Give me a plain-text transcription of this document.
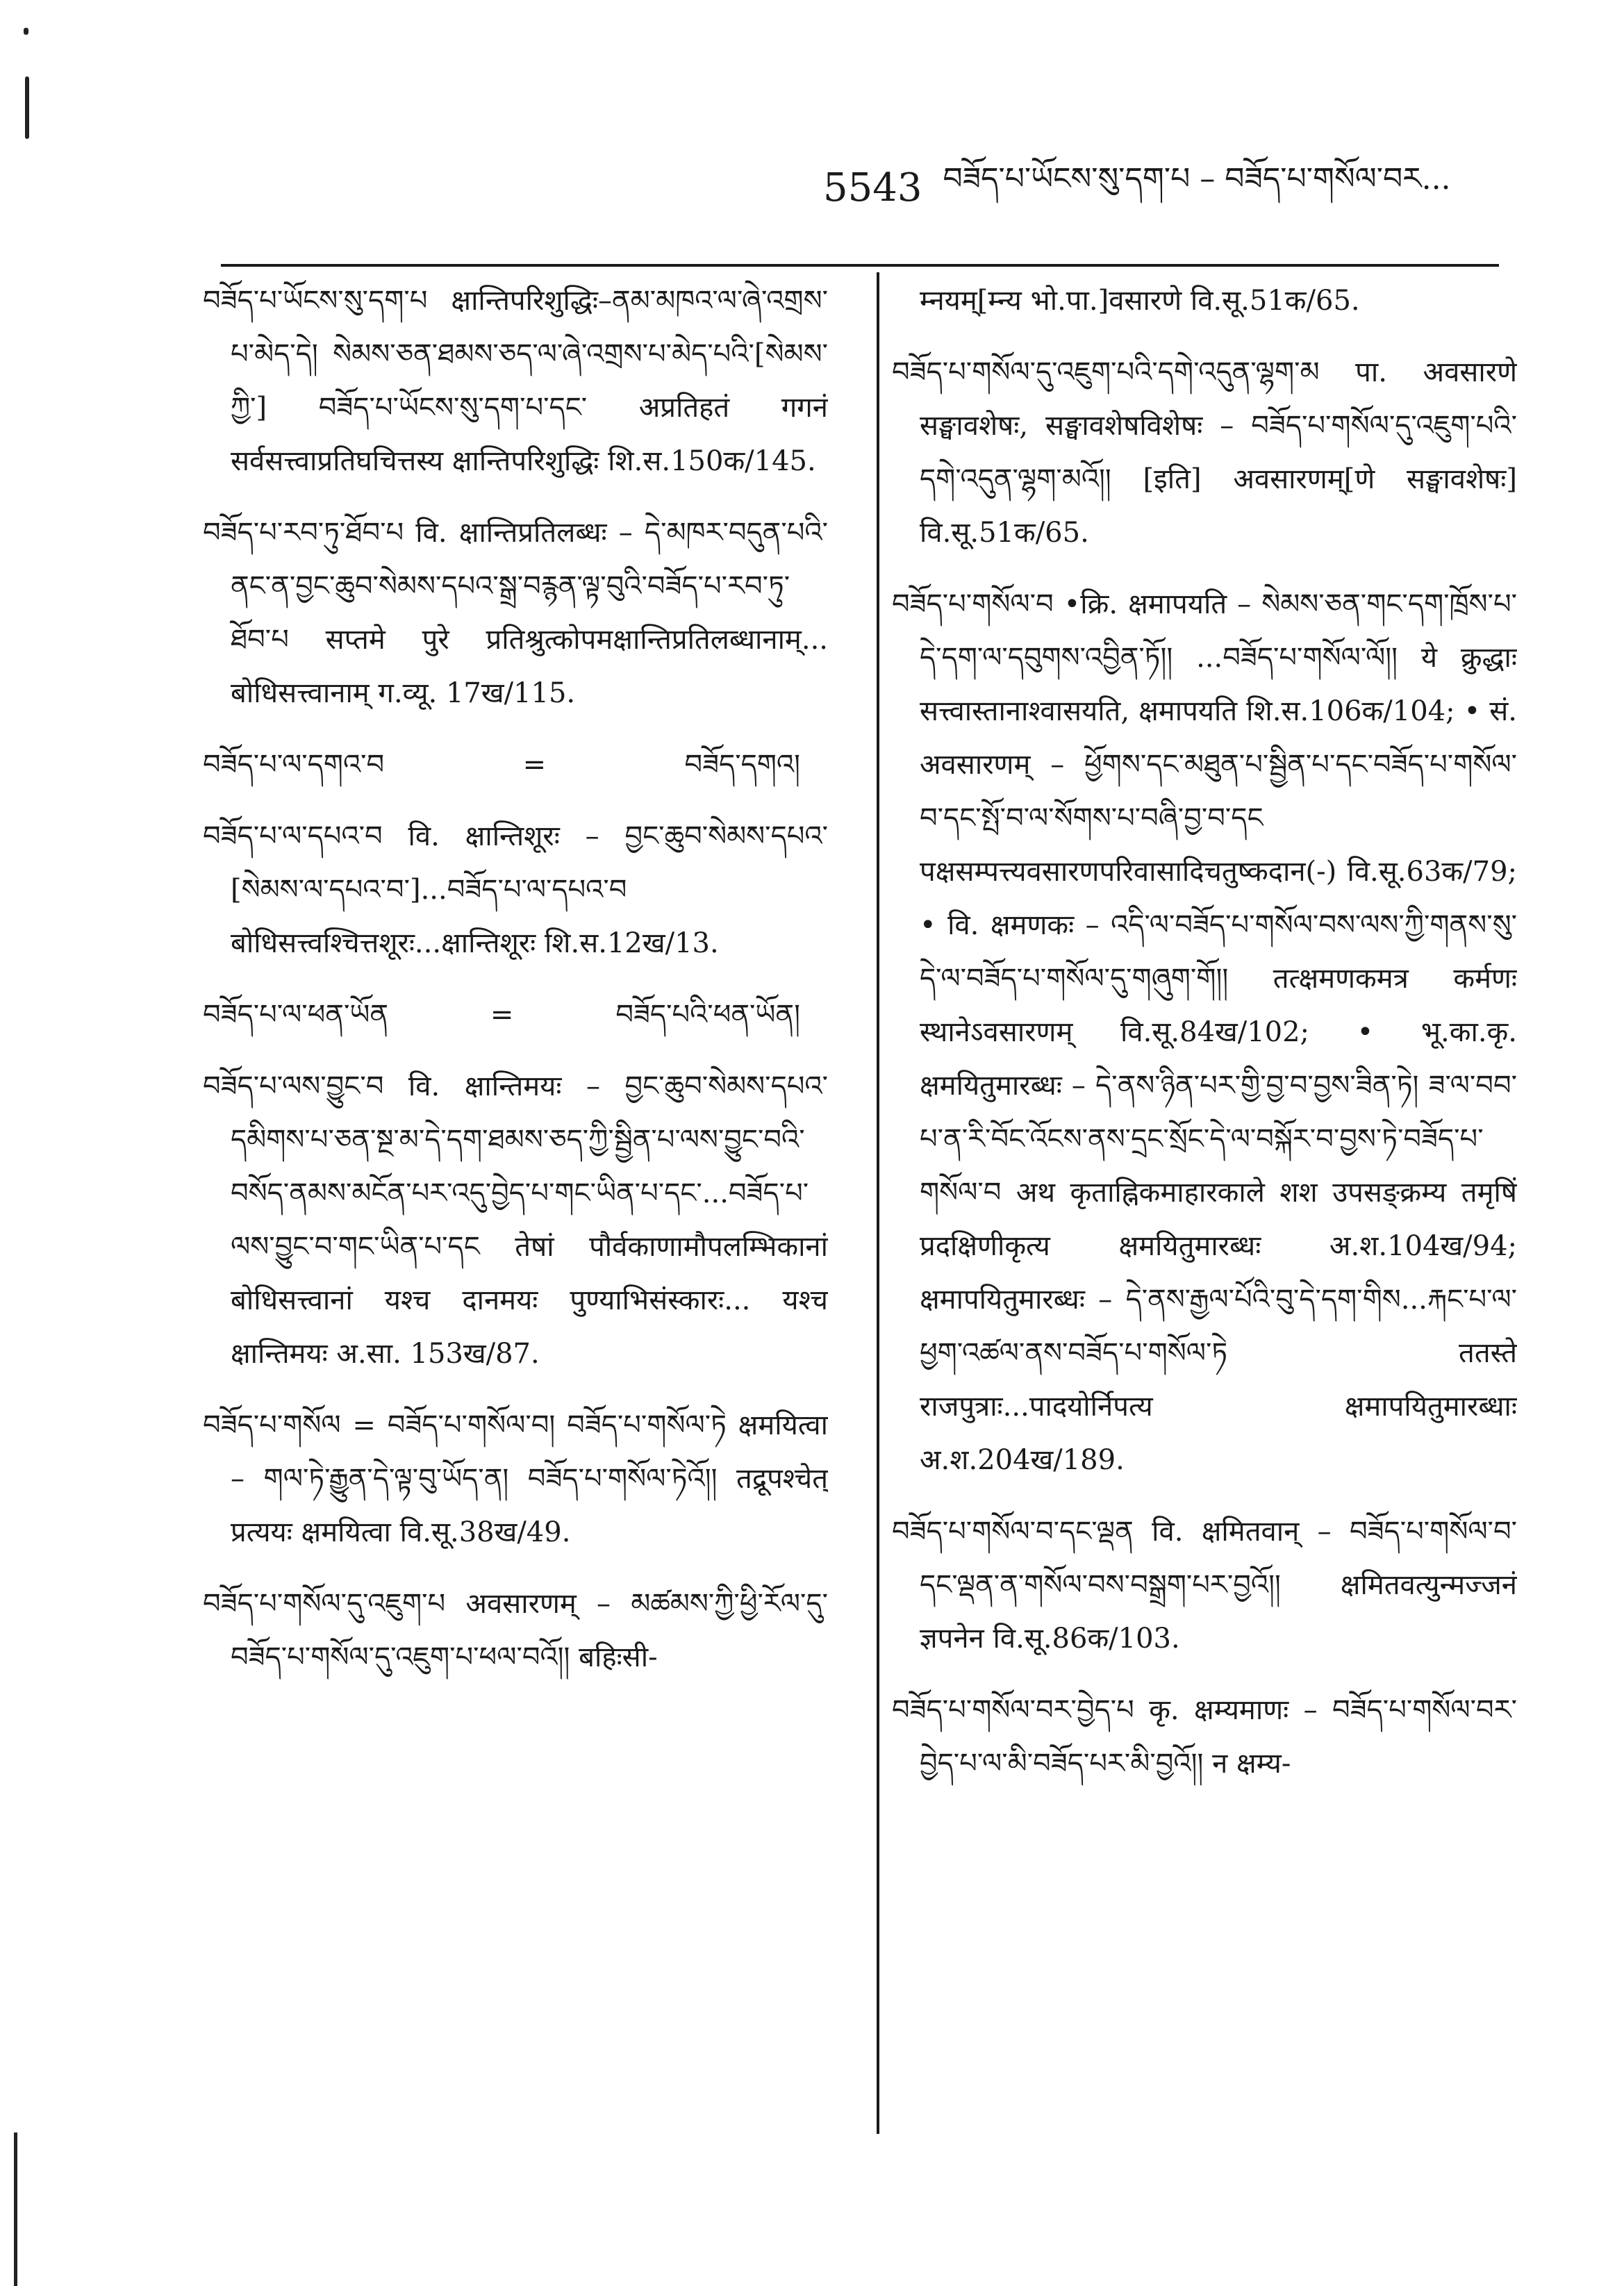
5543 བཟོད་པ་ཡོངས་སུ་དག་པ – བཟོད་པ་གསོལ་བར...

བཟོད་པ་ཡོངས་སུ་དག་པ क्षान्तिपरिशुद्धिः–ནམ་མཁའ་ལ་ཞེ་འགྲས་པ་མེད་དེ། སེམས་ཅན་ཐམས་ཅད་ལ་ཞེ་འགྲས་པ་མེད་པའི་[སེམས་ཀྱི་] བཟོད་པ་ཡོངས་སུ་དག་པ་དང་ अप्रतिहतं गगनं सर्वसत्त्वाप्रतिघचित्तस्य क्षान्तिपरिशुद्धिः शि.स.150क/145.

བཟོད་པ་རབ་ཏུ་ཐོབ་པ वि. क्षान्तिप्रतिलब्धः – དེ་མཁར་བདུན་པའི་ནང་ན་བྱང་ཆུབ་སེམས་དཔའ་སྒྲ་བརྙན་ལྟ་བུའི་བཟོད་པ་རབ་ཏུ་ཐོབ་པ सप्तमे पुरे प्रतिश्रुत्कोपमक्षान्तिप्रतिलब्धानाम्... बोधिसत्त्वानाम् ग.व्यू. 17ख/115.

བཟོད་པ་ལ་དགའ་བ	=	བཟོད་དགའ།

བཟོད་པ་ལ་དཔའ་བ वि. क्षान्तिशूरः – བྱང་ཆུབ་སེམས་དཔའ་[སེམས་ལ་དཔའ་བ་]...བཟོད་པ་ལ་དཔའ་བ बोधिसत्त्वश्चित्तशूरः...क्षान्तिशूरः शि.स.12ख/13.

བཟོད་པ་ལ་ཕན་ཡོན	=	བཟོད་པའི་ཕན་ཡོན།

བཟོད་པ་ལས་བྱུང་བ वि. क्षान्तिमयः – བྱང་ཆུབ་སེམས་དཔའ་དམིགས་པ་ཅན་སྔ་མ་དེ་དག་ཐམས་ཅད་ཀྱི་སྦྱིན་པ་ལས་བྱུང་བའི་བསོད་ནམས་མངོན་པར་འདུ་བྱེད་པ་གང་ཡིན་པ་དང་...བཟོད་པ་ལས་བྱུང་བ་གང་ཡིན་པ་དང तेषां पौर्वकाणामौपलम्भिकानां बोधिसत्त्वानां यश्च दानमयः पुण्याभिसंस्कारः... यश्च क्षान्तिमयः अ.सा. 153ख/87.

བཟོད་པ་གསོལ = བཟོད་པ་གསོལ་བ། བཟོད་པ་གསོལ་ཏེ क्षमयित्वा – གལ་ཏེ་རྒྱུན་དེ་ལྟ་བུ་ཡོད་ན། བཟོད་པ་གསོལ་ཏེའོ།། तद्रूपश्चेत् प्रत्ययः क्षमयित्वा वि.सू.38ख/49.

བཟོད་པ་གསོལ་དུ་འཇུག་པ अवसारणम् – མཚམས་ཀྱི་ཕྱི་རོལ་དུ་བཟོད་པ་གསོལ་དུ་འཇུག་པ་ཕལ་བའོ།། बहिःसी-

म्नयम्[म्न्य भो.पा.]वसारणे वि.सू.51क/65.

བཟོད་པ་གསོལ་དུ་འཇུག་པའི་དགེ་འདུན་ལྷག་མ पा. अवसारणे सङ्घावशेषः, सङ्घावशेषविशेषः – བཟོད་པ་གསོལ་དུ་འཇུག་པའི་དགེ་འདུན་ལྷག་མའོ།། [इति] अवसारणम्[णे सङ्घावशेषः] वि.सू.51क/65.

བཟོད་པ་གསོལ་བ •क्रि. क्षमापयति – སེམས་ཅན་གང་དག་ཁྲོས་པ་དེ་དག་ལ་དབུགས་འབྱིན་ཏོ།། ...བཟོད་པ་གསོལ་ལོ།། ये क्रुद्धाः सत्त्वास्तानाश्वासयति, क्षमापयति शि.स.106क/104; • सं. अवसारणम् – ཕྱོགས་དང་མཐུན་པ་སྦྱིན་པ་དང་བཟོད་པ་གསོལ་བ་དང་སྤོ་བ་ལ་སོགས་པ་བཞི་བྱ་བ་དང पक्षसम्पत्त्यवसारणपरिवासादिचतुष्कदान(-) वि.सू.63क/79; • वि. क्षमणकः – འདི་ལ་བཟོད་པ་གསོལ་བས་ལས་ཀྱི་གནས་སུ་དེ་ལ་བཟོད་པ་གསོལ་དུ་གཞུག་གོ།། तत्क्षमणकमत्र कर्मणः स्थानेऽवसारणम् वि.सू.84ख/102; • भू.का.कृ. क्षमयितुमारब्धः – དེ་ནས་ཉིན་པར་གྱི་བྱ་བ་བྱས་ཟིན་ཏེ། ཟ་ལ་བབ་པ་ན་རི་བོང་འོངས་ནས་དྲང་སྲོང་དེ་ལ་བསྐོར་བ་བྱས་ཏེ་བཟོད་པ་གསོལ་བ अथ कृताह्निकमाहारकाले शश उपसङ्क्रम्य तमृषिं प्रदक्षिणीकृत्य क्षमयितुमारब्धः अ.श.104ख/94; क्षमापयितुमारब्धः – དེ་ནས་རྒྱལ་པོའི་བུ་དེ་དག་གིས...རྐང་པ་ལ་ཕྱག་འཚལ་ནས་བཟོད་པ་གསོལ་ཏེ ततस्ते राजपुत्राः...पादयोर्निपत्य क्षमापयितुमारब्धाः अ.श.204ख/189.

བཟོད་པ་གསོལ་བ་དང་ལྡན वि. क्षमितवान् – བཟོད་པ་གསོལ་བ་དང་ལྡན་ན་གསོལ་བས་བསྒྲག་པར་བྱའོ།། क्षमितवत्युन्मज्जनं ज्ञपनेन वि.सू.86क/103.

བཟོད་པ་གསོལ་བར་བྱེད་པ कृ. क्षम्यमाणः – བཟོད་པ་གསོལ་བར་བྱེད་པ་ལ་མི་བཟོད་པར་མི་བྱའོ།། न क्षम्य-
